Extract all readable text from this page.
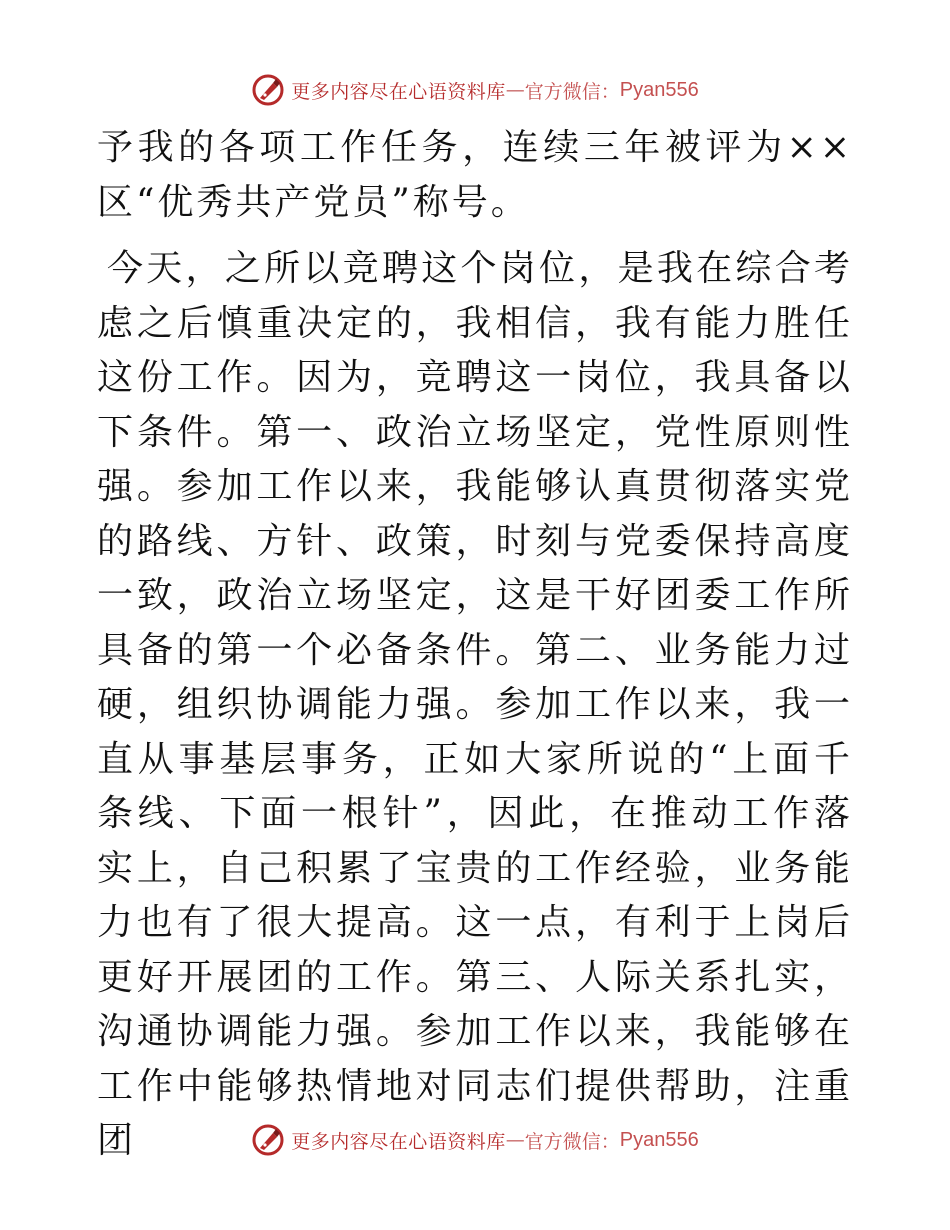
更多内容尽在心语资料库 — 官方微信： Pyan556

予我的各项工作任务，连续三年被评为××区“优秀共产党员”称号。

今天，之所以竞聘这个岗位，是我在综合考虑之后慎重决定的，我相信，我有能力胜任这份工作。因为，竞聘这一岗位，我具备以下条件。第一、政治立场坚定，党性原则性强。参加工作以来，我能够认真贯彻落实党的路线、方针、政策，时刻与党委保持高度一致，政治立场坚定，这是干好团委工作所具备的第一个必备条件。第二、业务能力过硬，组织协调能力强。参加工作以来，我一直从事基层事务，正如大家所说的“上面千条线、下面一根针”，因此，在推动工作落实上，自己积累了宝贵的工作经验，业务能力也有了很大提高。这一点，有利于上岗后更好开展团的工作。第三、人际关系扎实，沟通协调能力强。参加工作以来，我能够在工作中能够热情地对同志们提供帮助，注重团	更多内容尽在心语资料库 — 官方微信： Pyan556
